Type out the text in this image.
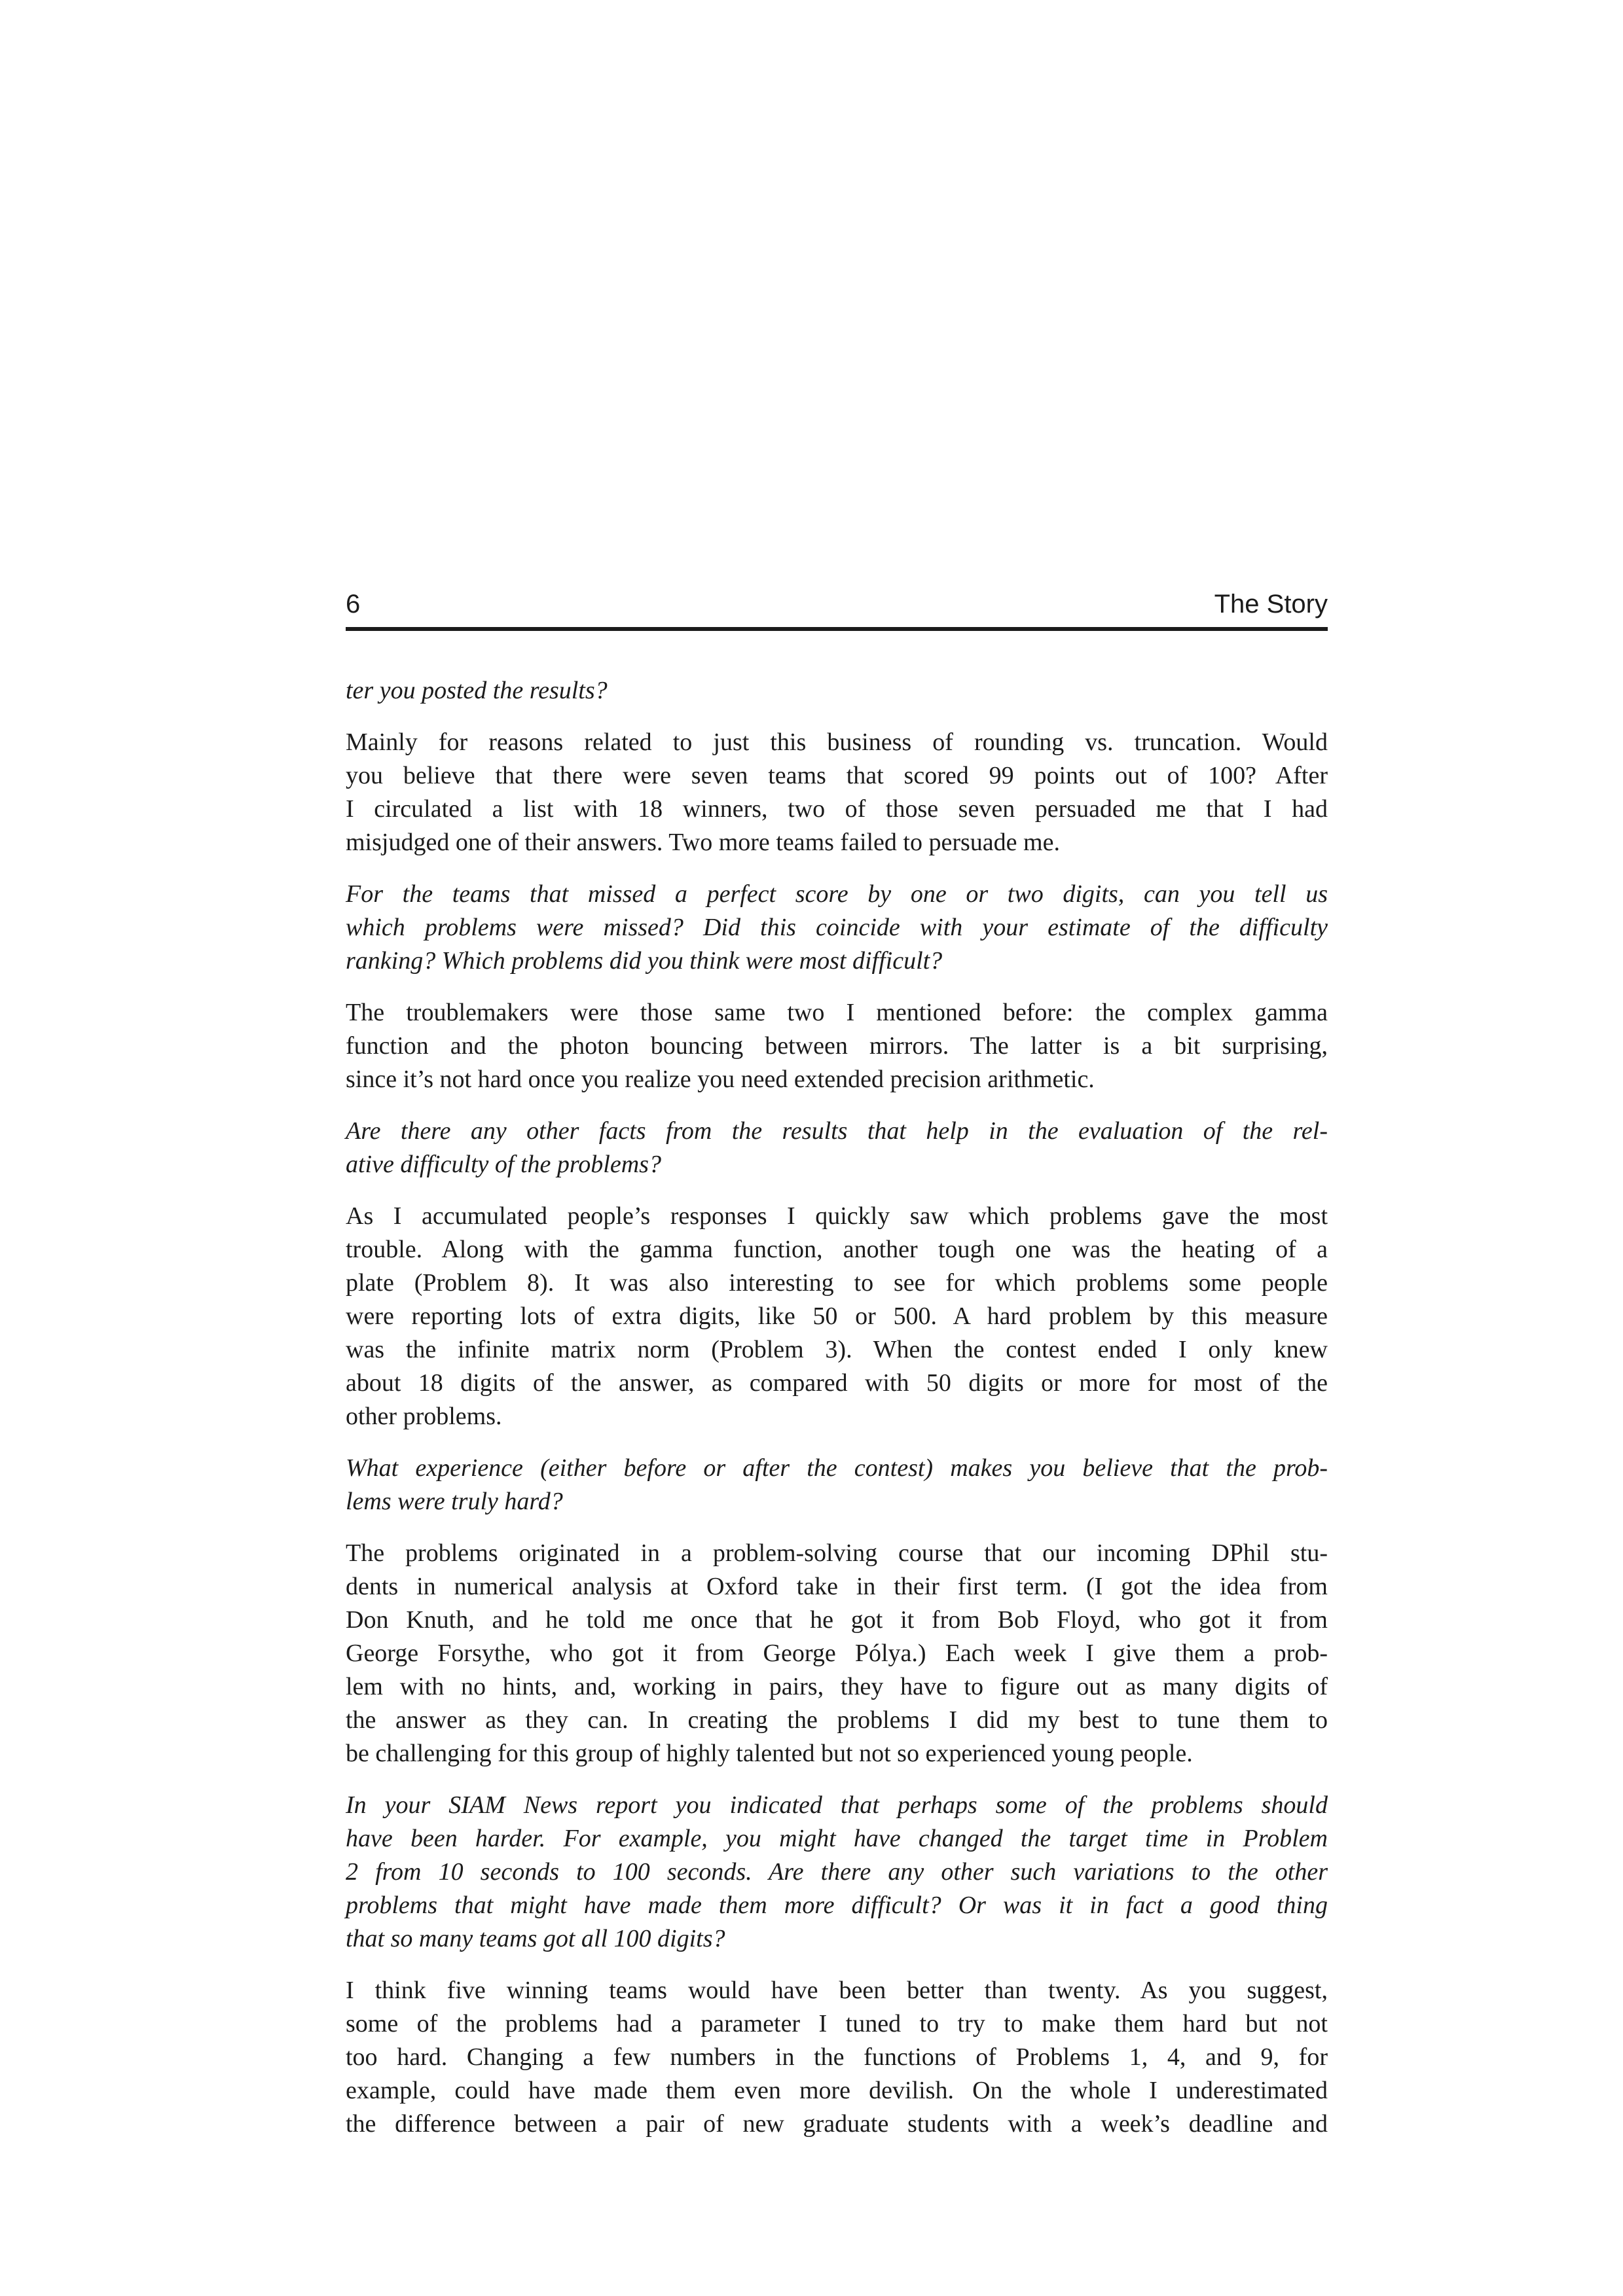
6	The Story
ter you posted the results?
Mainly for reasons related to just this business of rounding vs. truncation. Would
you believe that there were seven teams that scored 99 points out of 100? After
I circulated a list with 18 winners, two of those seven persuaded me that I had
misjudged one of their answers. Two more teams failed to persuade me.
For the teams that missed a perfect score by one or two digits, can you tell us
which problems were missed? Did this coincide with your estimate of the difficulty
ranking? Which problems did you think were most difficult?
The troublemakers were those same two I mentioned before: the complex gamma
function and the photon bouncing between mirrors. The latter is a bit surprising,
since it’s not hard once you realize you need extended precision arithmetic.
Are there any other facts from the results that help in the evaluation of the rel-
ative difficulty of the problems?
As I accumulated people’s responses I quickly saw which problems gave the most
trouble. Along with the gamma function, another tough one was the heating of a
plate (Problem 8). It was also interesting to see for which problems some people
were reporting lots of extra digits, like 50 or 500. A hard problem by this measure
was the infinite matrix norm (Problem 3). When the contest ended I only knew
about 18 digits of the answer, as compared with 50 digits or more for most of the
other problems.
What experience (either before or after the contest) makes you believe that the prob-
lems were truly hard?
The problems originated in a problem-solving course that our incoming DPhil stu-
dents in numerical analysis at Oxford take in their first term. (I got the idea from
Don Knuth, and he told me once that he got it from Bob Floyd, who got it from
George Forsythe, who got it from George Pólya.) Each week I give them a prob-
lem with no hints, and, working in pairs, they have to figure out as many digits of
the answer as they can. In creating the problems I did my best to tune them to
be challenging for this group of highly talented but not so experienced young people.
In your SIAM News report you indicated that perhaps some of the problems should
have been harder. For example, you might have changed the target time in Problem
2 from 10 seconds to 100 seconds. Are there any other such variations to the other
problems that might have made them more difficult? Or was it in fact a good thing
that so many teams got all 100 digits?
I think five winning teams would have been better than twenty. As you suggest,
some of the problems had a parameter I tuned to try to make them hard but not
too hard. Changing a few numbers in the functions of Problems 1, 4, and 9, for
example, could have made them even more devilish. On the whole I underestimated
the difference between a pair of new graduate students with a week’s deadline and
